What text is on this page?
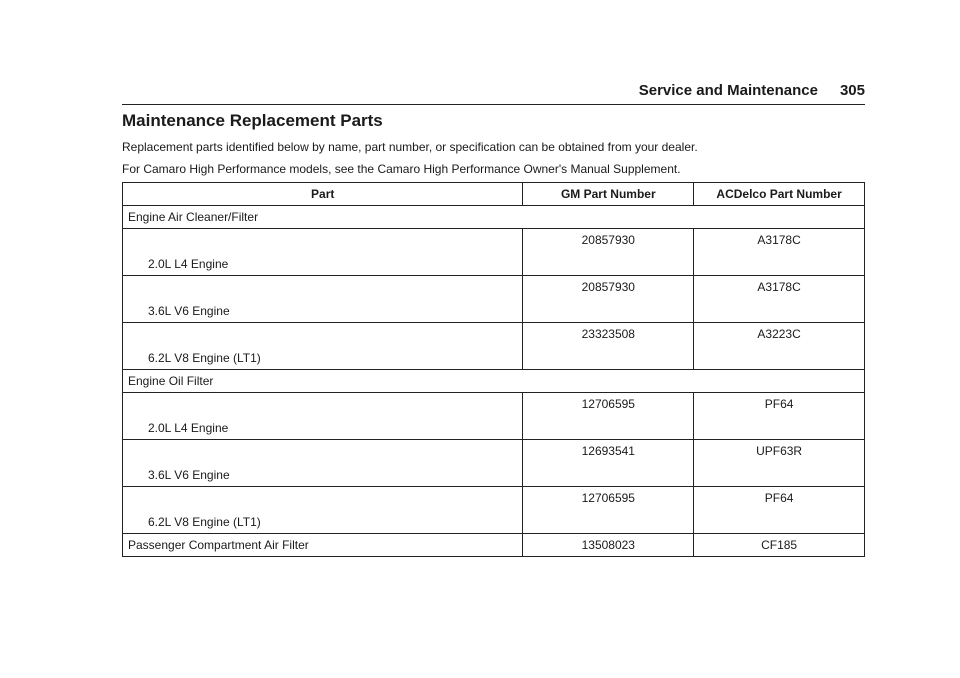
Service and Maintenance 305
Maintenance Replacement Parts

Replacement parts identified below by name, part number, or specification can be obtained from your dealer.

For Camaro High Performance models, see the Camaro High Performance Owner's Manual Supplement.

Part	GM Part Number	ACDelco Part Number
Engine Air Cleaner/Filter		
2.0L L4 Engine	20857930	A3178C
3.6L V6 Engine	20857930	A3178C
6.2L V8 Engine (LT1)	23323508	A3223C
Engine Oil Filter		
2.0L L4 Engine	12706595	PF64
3.6L V6 Engine	12693541	UPF63R
6.2L V8 Engine (LT1)	12706595	PF64
Passenger Compartment Air Filter	13508023	CF185
